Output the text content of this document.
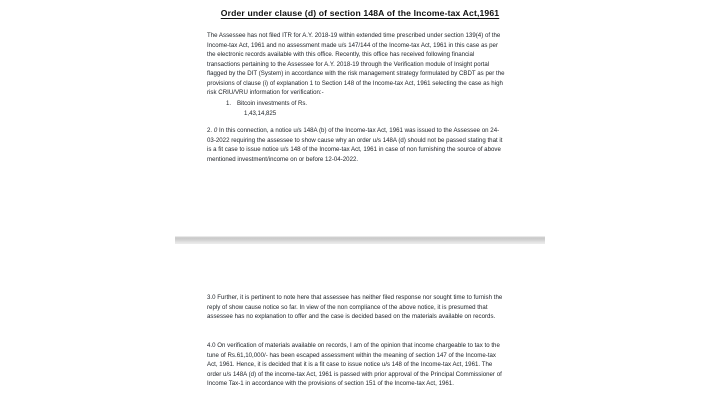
Order under clause (d) of section 148A of the Income-tax Act,1961
The Assessee has not filed ITR for A.Y. 2018-19 within extended time prescribed under section 139(4) of the Income-tax Act, 1961 and no assessment made u/s 147/144 of the Income-tax Act, 1961 in this case as per the electronic records available with this office. Recently, this office has received following financial transactions pertaining to the Assessee for A.Y. 2018-19 through the Verification module of Insight portal flagged by the DIT (System) in accordance with the risk management strategy formulated by CBDT as per the provisions of clause (i) of explanation 1 to Section 148 of the Income-tax Act, 1961 selecting the case as high risk CRIU/VRU information for verification:-
1. Bitcoin investments of Rs.
1,43,14,825
2. 0 In this connection, a notice u/s 148A (b) of the Income-tax Act, 1961 was issued to the Assessee on 24-03-2022 requiring the assessee to show cause why an order u/s 148A (d) should not be passed stating that it is a fit case to issue notice u/s 148 of the Income-tax Act, 1961 in case of non furnishing the source of above mentioned investment/income on or before 12-04-2022.
3.0 Further, it is pertinent to note here that assessee has neither filed response nor sought time to furnish the reply of show cause notice so far. In view of the non compliance of the above notice, it is presumed that assessee has no explanation to offer and the case is decided based on the materials available on records.
4.0 On verification of materials available on records, I am of the opinion that income chargeable to tax to the tune of Rs.61,10,000/- has been escaped assessment within the meaning of section 147 of the Income-tax Act, 1961. Hence, it is decided that it is a fit case to issue notice u/s 148 of the Income-tax Act, 1961. The order u/s 148A (d) of the income-tax Act, 1961 is passed with prior approval of the Principal Commissioner of Income Tax-1 in accordance with the provisions of section 151 of the Income-tax Act, 1961.
